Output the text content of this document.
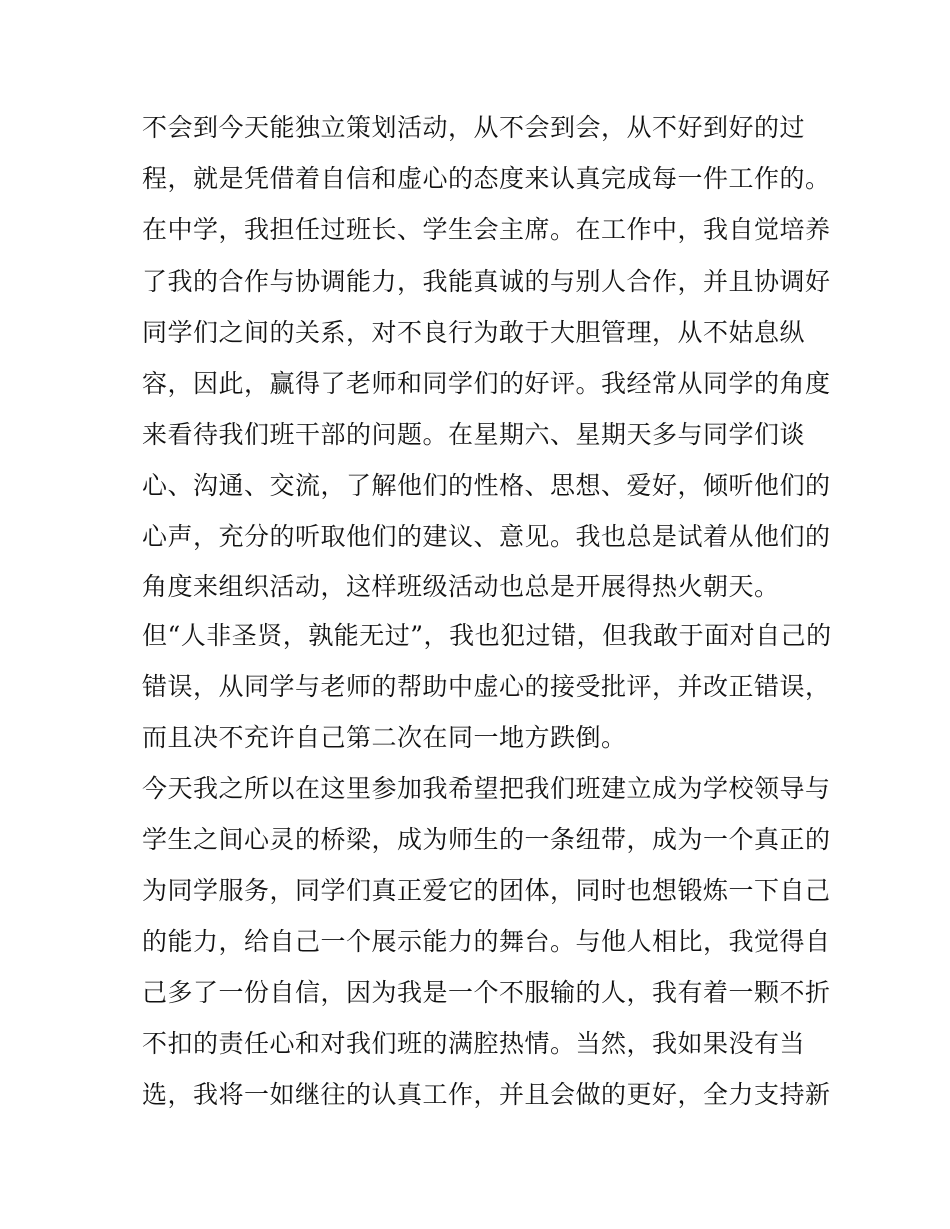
不会到今天能独立策划活动，从不会到会，从不好到好的过
程，就是凭借着自信和虚心的态度来认真完成每一件工作的。
在中学，我担任过班长、学生会主席。在工作中，我自觉培养
了我的合作与协调能力，我能真诚的与别人合作，并且协调好
同学们之间的关系，对不良行为敢于大胆管理，从不姑息纵
容，因此，赢得了老师和同学们的好评。我经常从同学的角度
来看待我们班干部的问题。在星期六、星期天多与同学们谈
心、沟通、交流，了解他们的性格、思想、爱好，倾听他们的
心声，充分的听取他们的建议、意见。我也总是试着从他们的
角度来组织活动，这样班级活动也总是开展得热火朝天。
但“人非圣贤，孰能无过”，我也犯过错，但我敢于面对自己的
错误，从同学与老师的帮助中虚心的接受批评，并改正错误，
而且决不充许自己第二次在同一地方跌倒。
今天我之所以在这里参加我希望把我们班建立成为学校领导与
学生之间心灵的桥梁，成为师生的一条纽带，成为一个真正的
为同学服务，同学们真正爱它的团体，同时也想锻炼一下自己
的能力，给自己一个展示能力的舞台。与他人相比，我觉得自
己多了一份自信，因为我是一个不服输的人，我有着一颗不折
不扣的责任心和对我们班的满腔热情。当然，我如果没有当
选，我将一如继往的认真工作，并且会做的更好，全力支持新
